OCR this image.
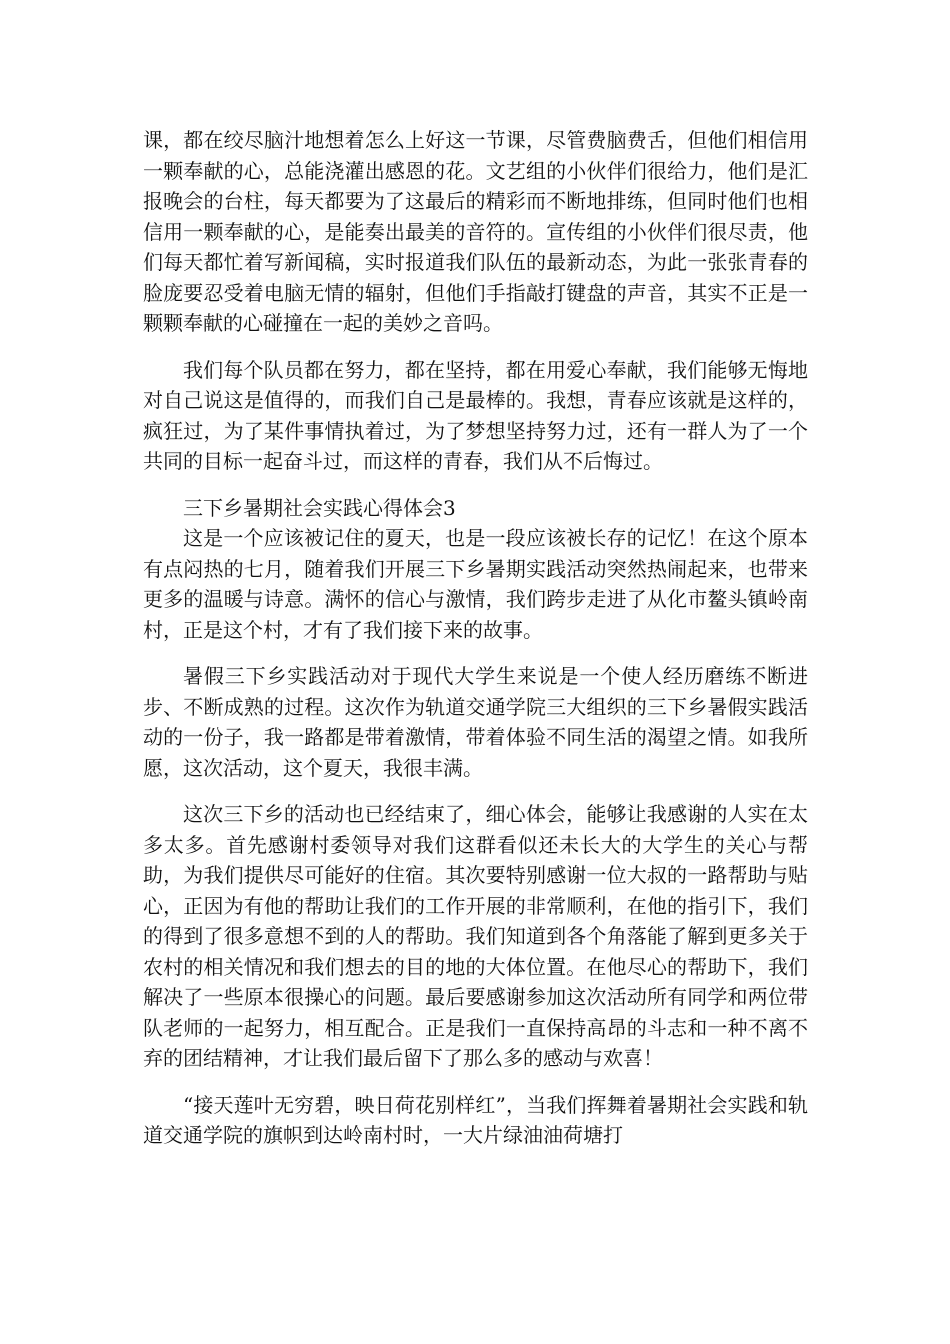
课，都在绞尽脑汁地想着怎么上好这一节课，尽管费脑费舌，但他们相信用一颗奉献的心，总能浇灌出感恩的花。文艺组的小伙伴们很给力，他们是汇报晚会的台柱，每天都要为了这最后的精彩而不断地排练，但同时他们也相信用一颗奉献的心，是能奏出最美的音符的。宣传组的小伙伴们很尽责，他们每天都忙着写新闻稿，实时报道我们队伍的最新动态，为此一张张青春的脸庞要忍受着电脑无情的辐射，但他们手指敲打键盘的声音，其实不正是一颗颗奉献的心碰撞在一起的美妙之音吗。

我们每个队员都在努力，都在坚持，都在用爱心奉献，我们能够无悔地对自己说这是值得的，而我们自己是最棒的。我想，青春应该就是这样的，疯狂过，为了某件事情执着过，为了梦想坚持努力过，还有一群人为了一个共同的目标一起奋斗过，而这样的青春，我们从不后悔过。

三下乡暑期社会实践心得体会3

这是一个应该被记住的夏天，也是一段应该被长存的记忆！在这个原本有点闷热的七月，随着我们开展三下乡暑期实践活动突然热闹起来，也带来更多的温暖与诗意。满怀的信心与激情，我们跨步走进了从化市鳌头镇岭南村，正是这个村，才有了我们接下来的故事。

暑假三下乡实践活动对于现代大学生来说是一个使人经历磨练不断进步、不断成熟的过程。这次作为轨道交通学院三大组织的三下乡暑假实践活动的一份子，我一路都是带着激情，带着体验不同生活的渴望之情。如我所愿，这次活动，这个夏天，我很丰满。

这次三下乡的活动也已经结束了，细心体会，能够让我感谢的人实在太多太多。首先感谢村委领导对我们这群看似还未长大的大学生的关心与帮助，为我们提供尽可能好的住宿。其次要特别感谢一位大叔的一路帮助与贴心，正因为有他的帮助让我们的工作开展的非常顺利，在他的指引下，我们的得到了很多意想不到的人的帮助。我们知道到各个角落能了解到更多关于农村的相关情况和我们想去的目的地的大体位置。在他尽心的帮助下，我们解决了一些原本很操心的问题。最后要感谢参加这次活动所有同学和两位带队老师的一起努力，相互配合。正是我们一直保持高昂的斗志和一种不离不弃的团结精神，才让我们最后留下了那么多的感动与欢喜！

“接天莲叶无穷碧，映日荷花别样红”，当我们挥舞着暑期社会实践和轨道交通学院的旗帜到达岭南村时，一大片绿油油荷塘打
